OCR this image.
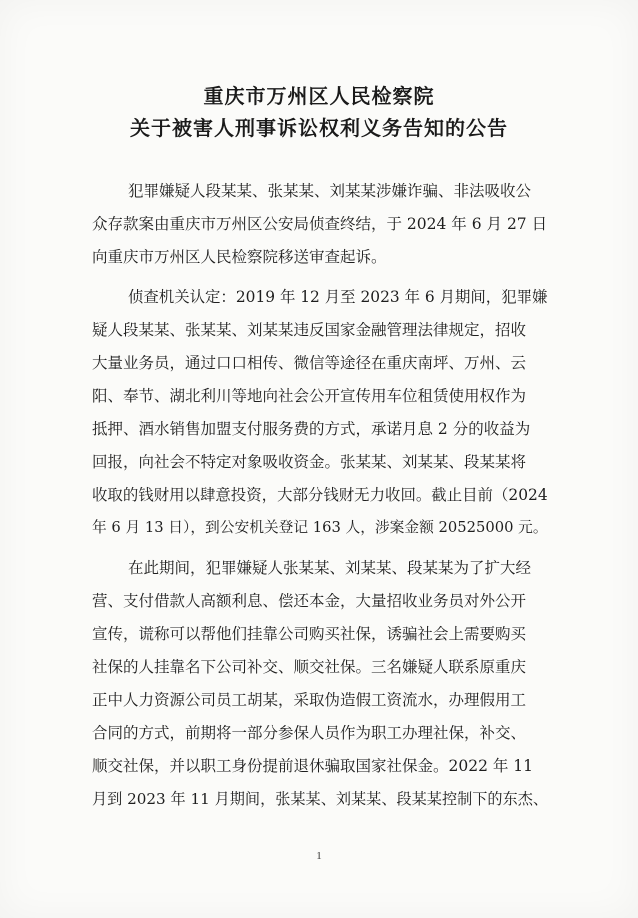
重庆市万州区人民检察院
关于被害人刑事诉讼权利义务告知的公告
犯罪嫌疑人段某某、张某某、刘某某涉嫌诈骗、非法吸收公
众存款案由重庆市万州区公安局侦查终结，于 2024 年 6 月 27 日
向重庆市万州区人民检察院移送审查起诉。
侦查机关认定：2019 年 12 月至 2023 年 6 月期间，犯罪嫌
疑人段某某、张某某、刘某某违反国家金融管理法律规定，招收
大量业务员，通过口口相传、微信等途径在重庆南坪、万州、云
阳、奉节、湖北利川等地向社会公开宣传用车位租赁使用权作为
抵押、酒水销售加盟支付服务费的方式，承诺月息 2 分的收益为
回报，向社会不特定对象吸收资金。张某某、刘某某、段某某将
收取的钱财用以肆意投资，大部分钱财无力收回。截止目前（2024
年 6 月 13 日），到公安机关登记 163 人，涉案金额 20525000 元。
在此期间，犯罪嫌疑人张某某、刘某某、段某某为了扩大经
营、支付借款人高额利息、偿还本金，大量招收业务员对外公开
宣传，谎称可以帮他们挂靠公司购买社保，诱骗社会上需要购买
社保的人挂靠名下公司补交、顺交社保。三名嫌疑人联系原重庆
正中人力资源公司员工胡某，采取伪造假工资流水，办理假用工
合同的方式，前期将一部分参保人员作为职工办理社保，补交、
顺交社保，并以职工身份提前退休骗取国家社保金。2022 年 11
月到 2023 年 11 月期间，张某某、刘某某、段某某控制下的东杰、
1
